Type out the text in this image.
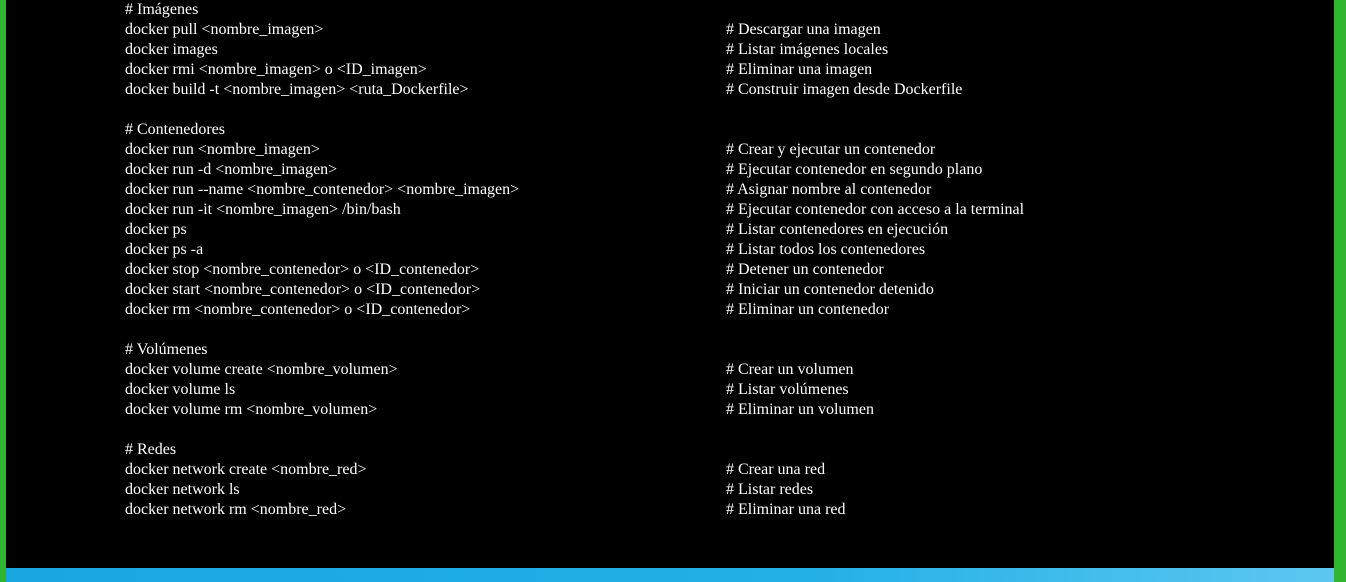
# Imágenes
docker pull <nombre_imagen>	# Descargar una imagen
docker images	# Listar imágenes locales
docker rmi <nombre_imagen> o <ID_imagen>	# Eliminar una imagen
docker build -t <nombre_imagen> <ruta_Dockerfile>	# Construir imagen desde Dockerfile
# Contenedores
docker run <nombre_imagen>	# Crear y ejecutar un contenedor
docker run -d <nombre_imagen>	# Ejecutar contenedor en segundo plano
docker run --name <nombre_contenedor> <nombre_imagen>	# Asignar nombre al contenedor
docker run -it <nombre_imagen> /bin/bash	# Ejecutar contenedor con acceso a la terminal
docker ps	# Listar contenedores en ejecución
docker ps -a	# Listar todos los contenedores
docker stop <nombre_contenedor> o <ID_contenedor>	# Detener un contenedor
docker start <nombre_contenedor> o <ID_contenedor>	# Iniciar un contenedor detenido
docker rm <nombre_contenedor> o <ID_contenedor>	# Eliminar un contenedor
# Volúmenes
docker volume create <nombre_volumen>	# Crear un volumen
docker volume ls	# Listar volúmenes
docker volume rm <nombre_volumen>	# Eliminar un volumen
# Redes
docker network create <nombre_red>	# Crear una red
docker network ls	# Listar redes
docker network rm <nombre_red>	# Eliminar una red
